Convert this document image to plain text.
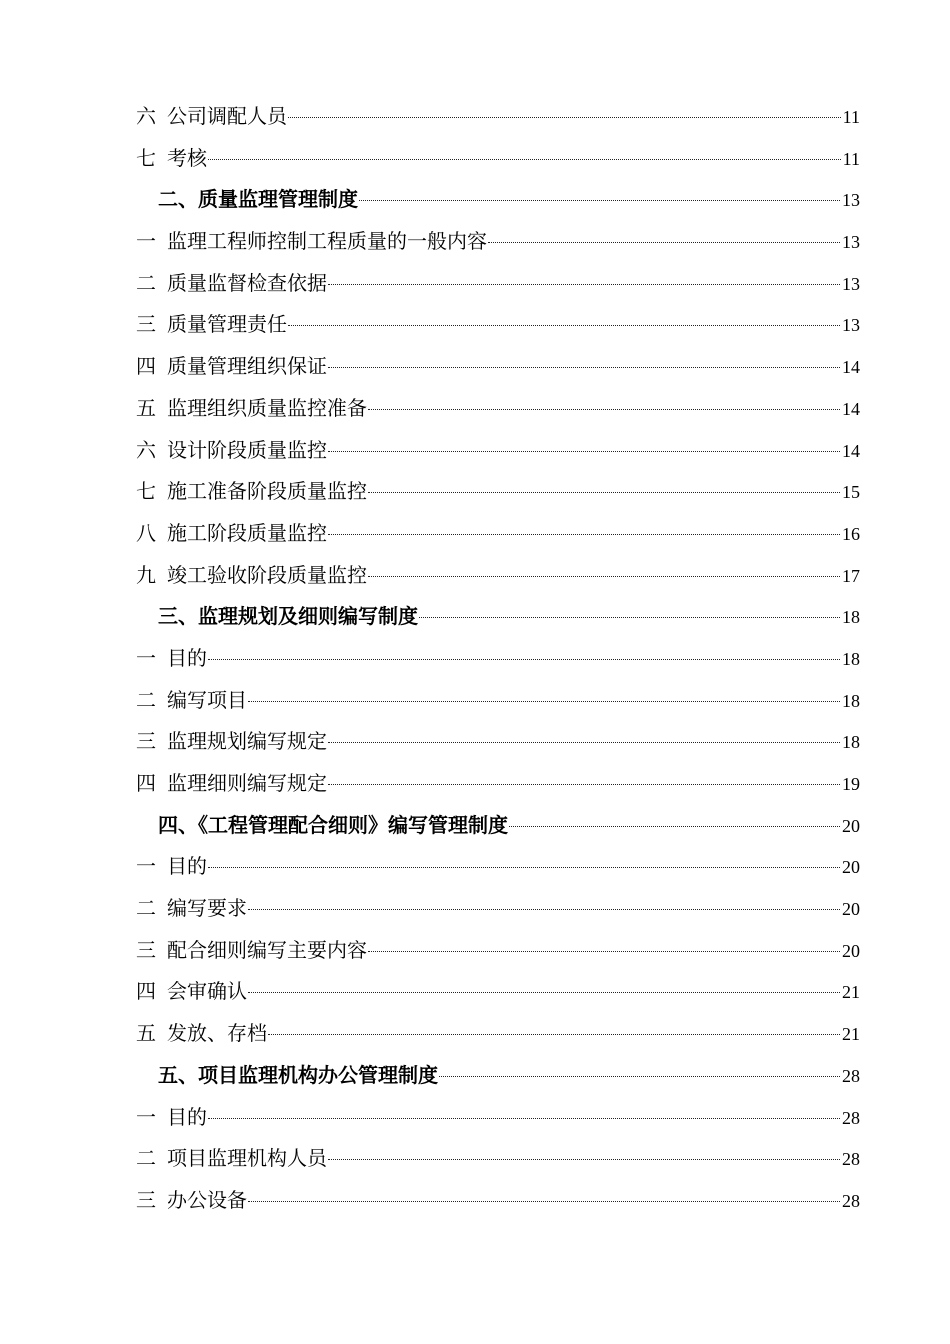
六 公司调配人员	11
七 考核	11
二、质量监理管理制度	13
一 监理工程师控制工程质量的一般内容	13
二 质量监督检查依据	13
三 质量管理责任	13
四 质量管理组织保证	14
五 监理组织质量监控准备	14
六 设计阶段质量监控	14
七 施工准备阶段质量监控	15
八 施工阶段质量监控	16
九 竣工验收阶段质量监控	17
三、监理规划及细则编写制度	18
一 目的	18
二 编写项目	18
三 监理规划编写规定	18
四 监理细则编写规定	19
四、《工程管理配合细则》编写管理制度	20
一 目的	20
二 编写要求	20
三 配合细则编写主要内容	20
四 会审确认	21
五 发放、存档	21
五、项目监理机构办公管理制度	28
一 目的	28
二 项目监理机构人员	28
三 办公设备	28
